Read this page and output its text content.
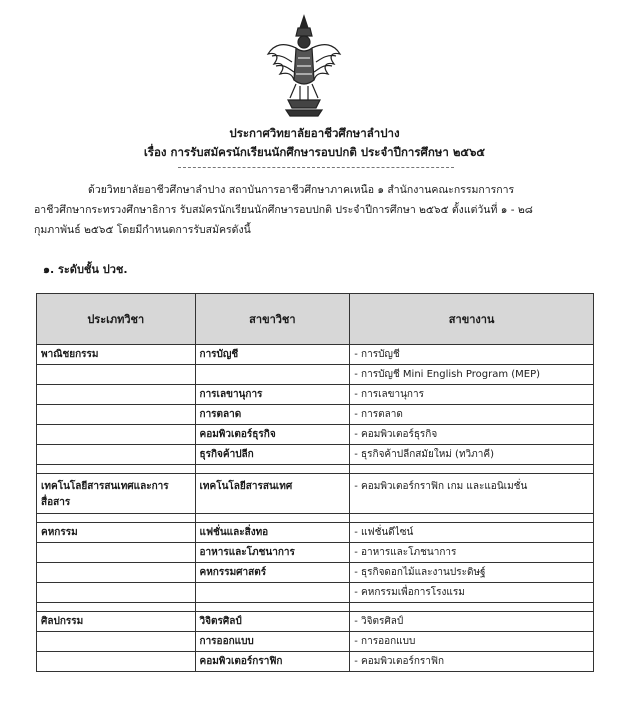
ประกาศวิทยาลัยอาชีวศึกษาลำปาง
เรื่อง การรับสมัครนักเรียนนักศึกษารอบปกติ ประจำปีการศึกษา ๒๕๖๕
ด้วยวิทยาลัยอาชีวศึกษาลำปาง สถาบันการอาชีวศึกษาภาคเหนือ ๑ สำนักงานคณะกรรมการการ
อาชีวศึกษากระทรวงศึกษาธิการ รับสมัครนักเรียนนักศึกษารอบปกติ ประจำปีการศึกษา ๒๕๖๕ ตั้งแต่วันที่ ๑ - ๒๘
กุมภาพันธ์ ๒๕๖๕ โดยมีกำหนดการรับสมัครดังนี้
๑. ระดับชั้น ปวช.
ประเภทวิชา	สาขาวิชา	สาขางาน
พาณิชยกรรม	การบัญชี	- การบัญชี
		- การบัญชี Mini English Program (MEP)
	การเลขานุการ	- การเลขานุการ
	การตลาด	- การตลาด
	คอมพิวเตอร์ธุรกิจ	- คอมพิวเตอร์ธุรกิจ
	ธุรกิจค้าปลีก	- ธุรกิจค้าปลีกสมัยใหม่ (ทวิภาคี)

เทคโนโลยีสารสนเทศและการสื่อสาร	เทคโนโลยีสารสนเทศ	- คอมพิวเตอร์กราฟิก เกม และแอนิเมชั่น

คหกรรม	แฟชั่นและสิ่งทอ	- แฟชั่นดีไซน์
	อาหารและโภชนาการ	- อาหารและโภชนาการ
	คหกรรมศาสตร์	- ธุรกิจดอกไม้และงานประดิษฐ์
		- คหกรรมเพื่อการโรงแรม

ศิลปกรรม	วิจิตรศิลป์	- วิจิตรศิลป์
	การออกแบบ	- การออกแบบ
	คอมพิวเตอร์กราฟิก	- คอมพิวเตอร์กราฟิก
